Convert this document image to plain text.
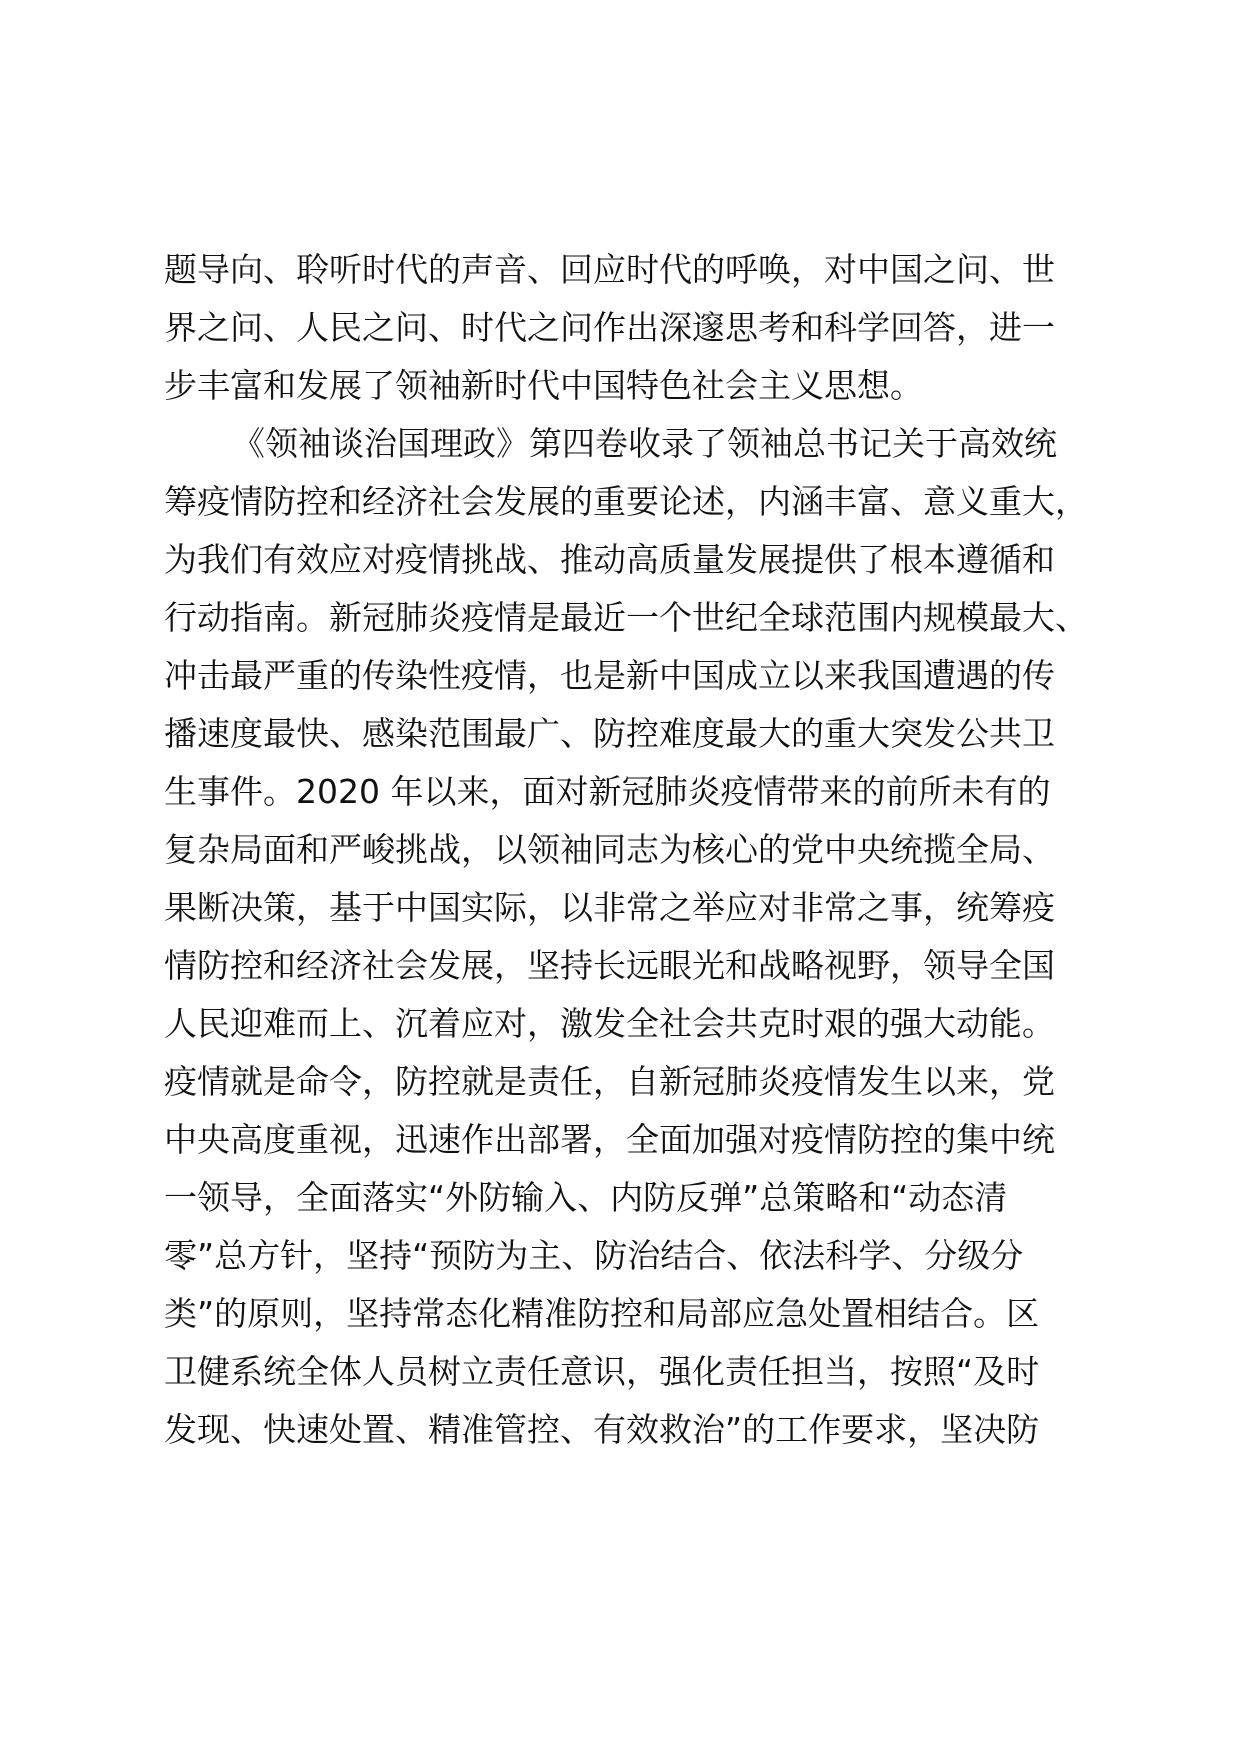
题导向、聆听时代的声音、回应时代的呼唤，对中国之问、世
界之问、人民之问、时代之问作出深邃思考和科学回答，进一
步丰富和发展了领袖新时代中国特色社会主义思想。
《领袖谈治国理政》第四卷收录了领袖总书记关于高效统
筹疫情防控和经济社会发展的重要论述，内涵丰富、意义重大，
为我们有效应对疫情挑战、推动高质量发展提供了根本遵循和
行动指南。新冠肺炎疫情是最近一个世纪全球范围内规模最大、
冲击最严重的传染性疫情，也是新中国成立以来我国遭遇的传
播速度最快、感染范围最广、防控难度最大的重大突发公共卫
生事件。2020 年以来，面对新冠肺炎疫情带来的前所未有的
复杂局面和严峻挑战，以领袖同志为核心的党中央统揽全局、
果断决策，基于中国实际，以非常之举应对非常之事，统筹疫
情防控和经济社会发展，坚持长远眼光和战略视野，领导全国
人民迎难而上、沉着应对，激发全社会共克时艰的强大动能。
疫情就是命令，防控就是责任，自新冠肺炎疫情发生以来，党
中央高度重视，迅速作出部署，全面加强对疫情防控的集中统
一领导，全面落实“外防输入、内防反弹”总策略和“动态清
零”总方针，坚持“预防为主、防治结合、依法科学、分级分
类”的原则，坚持常态化精准防控和局部应急处置相结合。区
卫健系统全体人员树立责任意识，强化责任担当，按照“及时
发现、快速处置、精准管控、有效救治”的工作要求，坚决防
